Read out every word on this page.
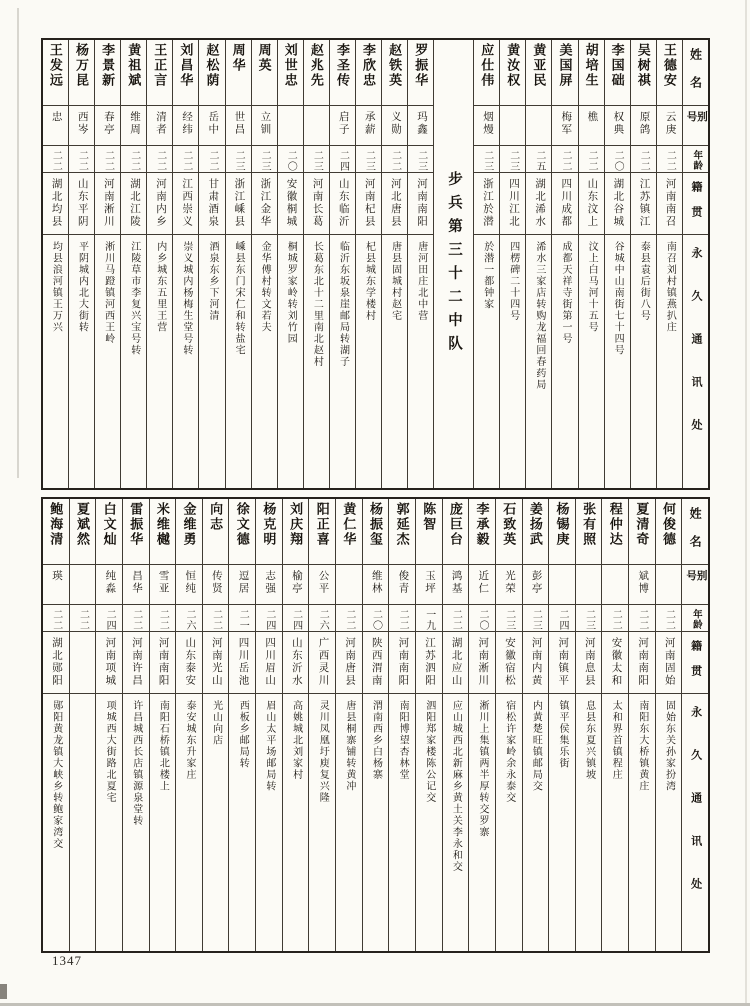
姓名
别号
年龄
籍贯
永久通讯处
王德安
云庚
二二
河南南召
南召刘村镇燕扒庄
吴树祺
原鸽
二二
江苏镇江
泰县袁后街八号
李国础
权典
二〇
湖北谷城
谷城中山南街七十四号
胡培生
樵
二二
山东汶上
汶上白马河十五号
美国屏
梅军
二二
四川成都
成都天祥寺街第一号
黄亚民
二五
湖北浠水
浠水三家店转购龙福回春药局
黄汝权
二三
四川江北
四楞碑二十四号
应仕伟
烟熳
二三
浙江於潜
於潜一都钟家
步兵第三十二中队
罗振华
玛鑫
二三
河南南阳
唐河田庄北中营
赵铁英
义勋
二二
河北唐县
唐县固城村赵宅
李欣忠
承薪
二三
河南杞县
杞县城东学楼村
李圣传
启子
二四
山东临沂
临沂东坂泉崖邮局转湖子
赵兆先
二三
河南长葛
长葛东北十二里南北赵村
刘世忠
二〇
安徽桐城
桐城罗家岭转刘竹园
周英
立钏
二三
浙江金华
金华傅村转文若夫
周华
世昌
二三
浙江嵊县
嵊县东门宋仁和转盐宅
赵松荫
岳中
二二
甘肃酒泉
酒泉东乡下河清
刘昌华
经纬
二二
江西崇义
崇义城内杨梅生堂号转
王正言
清者
二二
河南内乡
内乡城东五里王营
黄祖斌
维周
二二
湖北江陵
江陵草市李复兴宝号转
李景新
春亭
二二
河南淅川
淅川马蹬镇河西王岭
杨万昆
西岑
二二
山东平阴
平阴城内北大街转
王发远
忠
二二
湖北均县
均县浪河镇王万兴
姓名
别号
年龄
籍贯
永久通讯处
何俊德
二二
河南固始
固始东关孙家扮湾
夏清奇
斌博
二二
河南南阳
南阳东大桥镇黄庄
程仲达
二二
安徽太和
太和界首镇程庄
张有照
二三
河南息县
息县东夏兴镇坡
杨锡庚
二四
河南镇平
镇平侯集乐街
姜扬武
彭亭
二三
河南内黄
内黄楚旺镇邮局交
石致英
光荣
二三
安徽宿松
宿松许家岭余永泰交
李承毅
近仁
二〇
河南淅川
淅川上集镇两半厚转交罗寨
庞巨台
鸿基
二二
湖北应山
应山城西北新麻乡黄土关李永和交
陈智
玉坪
一九
江苏泗阳
泗阳郑家楼陈公记交
郭延杰
俊青
二二
河南南阳
南阳博望杏林堂
杨振玺
维林
二〇
陕西渭南
渭南西乡白杨寨
黄仁华
二二
河南唐县
唐县桐寨铺转黄冲
阳正喜
公平
二六
广西灵川
灵川凤凰圩庾复兴隆
刘庆翔
榆亭
二四
山东沂水
高姚城北刘家村
杨克明
志强
二四
四川眉山
眉山太平场邮局转
徐文德
逗居
二一
四川岳池
西板乡邮局转
向志
传贤
二二
河南光山
光山向店
金维勇
恒纯
二六
山东泰安
泰安城东升家庄
米维樾
雪亚
二二
河南南阳
南阳石桥镇北楼上
雷振华
昌华
二二
河南许昌
许昌城西长店镇源泉堂转
白文灿
纯淼
二四
河南项城
项城西大街路北夏宅
夏斌然
二二
鲍海清
瑛
二二
湖北郧阳
郧阳黄龙镇大峡乡转鲍家湾交
1347
